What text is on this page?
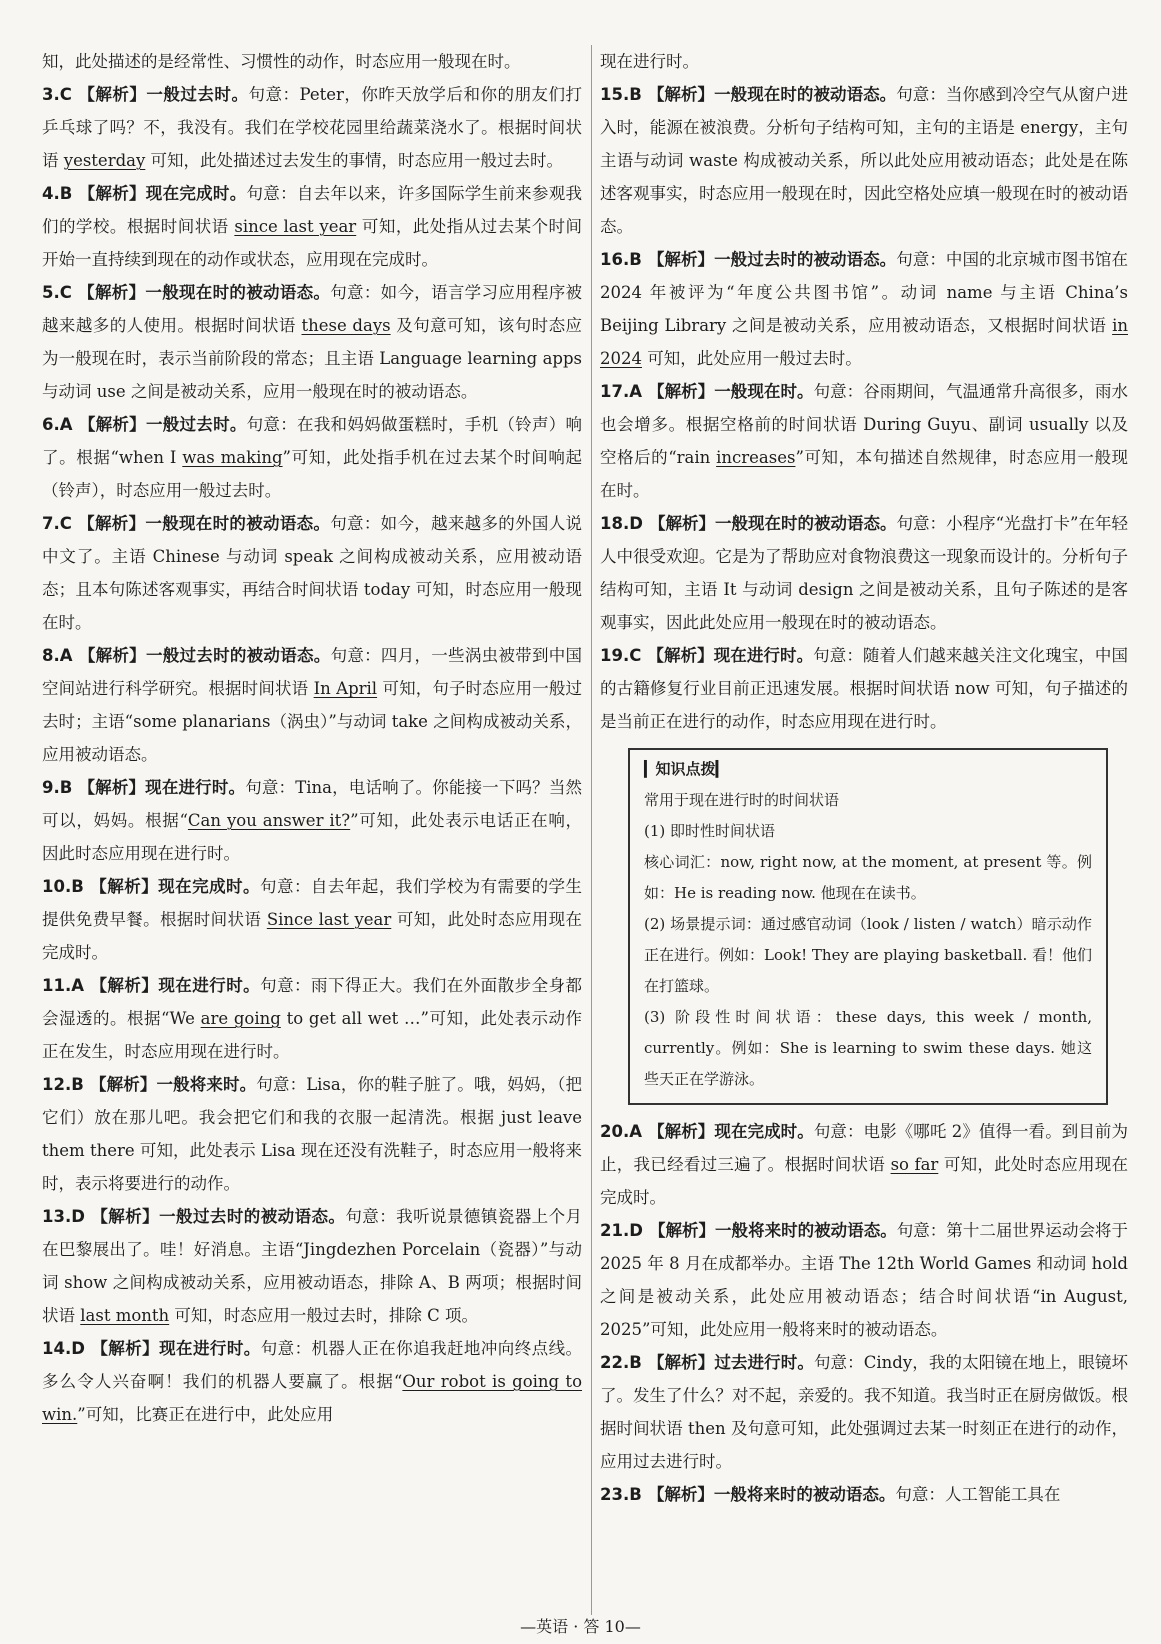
知，此处描述的是经常性、习惯性的动作，时态应用一般现在时。

3.C 【解析】一般过去时。句意：Peter，你昨天放学后和你的朋友们打乒乓球了吗？不，我没有。我们在学校花园里给蔬菜浇水了。根据时间状语 yesterday 可知，此处描述过去发生的事情，时态应用一般过去时。

4.B 【解析】现在完成时。句意：自去年以来，许多国际学生前来参观我们的学校。根据时间状语 since last year 可知，此处指从过去某个时间开始一直持续到现在的动作或状态，应用现在完成时。

5.C 【解析】一般现在时的被动语态。句意：如今，语言学习应用程序被越来越多的人使用。根据时间状语 these days 及句意可知，该句时态应为一般现在时，表示当前阶段的常态；且主语 Language learning apps 与动词 use 之间是被动关系，应用一般现在时的被动语态。

6.A 【解析】一般过去时。句意：在我和妈妈做蛋糕时，手机（铃声）响了。根据“when I was making”可知，此处指手机在过去某个时间响起（铃声），时态应用一般过去时。

7.C 【解析】一般现在时的被动语态。句意：如今，越来越多的外国人说中文了。主语 Chinese 与动词 speak 之间构成被动关系，应用被动语态；且本句陈述客观事实，再结合时间状语 today 可知，时态应用一般现在时。

8.A 【解析】一般过去时的被动语态。句意：四月，一些涡虫被带到中国空间站进行科学研究。根据时间状语 In April 可知，句子时态应用一般过去时；主语“some planarians（涡虫）”与动词 take 之间构成被动关系，应用被动语态。

9.B 【解析】现在进行时。句意：Tina，电话响了。你能接一下吗？当然可以，妈妈。根据“Can you answer it?”可知，此处表示电话正在响，因此时态应用现在进行时。

10.B 【解析】现在完成时。句意：自去年起，我们学校为有需要的学生提供免费早餐。根据时间状语 Since last year 可知，此处时态应用现在完成时。

11.A 【解析】现在进行时。句意：雨下得正大。我们在外面散步全身都会湿透的。根据“We are going to get all wet …”可知，此处表示动作正在发生，时态应用现在进行时。

12.B 【解析】一般将来时。句意：Lisa，你的鞋子脏了。哦，妈妈，（把它们）放在那儿吧。我会把它们和我的衣服一起清洗。根据 just leave them there 可知，此处表示 Lisa 现在还没有洗鞋子，时态应用一般将来时，表示将要进行的动作。

13.D 【解析】一般过去时的被动语态。句意：我听说景德镇瓷器上个月在巴黎展出了。哇！好消息。主语“Jingdezhen Porcelain（瓷器）”与动词 show 之间构成被动关系，应用被动语态，排除 A、B 两项；根据时间状语 last month 可知，时态应用一般过去时，排除 C 项。

14.D 【解析】现在进行时。句意：机器人正在你追我赶地冲向终点线。多么令人兴奋啊！我们的机器人要赢了。根据“Our robot is going to win.”可知，比赛正在进行中，此处应用

现在进行时。

15.B 【解析】一般现在时的被动语态。句意：当你感到冷空气从窗户进入时，能源在被浪费。分析句子结构可知，主句的主语是 energy，主句主语与动词 waste 构成被动关系，所以此处应用被动语态；此处是在陈述客观事实，时态应用一般现在时，因此空格处应填一般现在时的被动语态。

16.B 【解析】一般过去时的被动语态。句意：中国的北京城市图书馆在 2024 年被评为“年度公共图书馆”。动词 name 与主语 China’s Beijing Library 之间是被动关系，应用被动语态，又根据时间状语 in 2024 可知，此处应用一般过去时。

17.A 【解析】一般现在时。句意：谷雨期间，气温通常升高很多，雨水也会增多。根据空格前的时间状语 During Guyu、副词 usually 以及空格后的“rain increases”可知，本句描述自然规律，时态应用一般现在时。

18.D 【解析】一般现在时的被动语态。句意：小程序“光盘打卡”在年轻人中很受欢迎。它是为了帮助应对食物浪费这一现象而设计的。分析句子结构可知，主语 It 与动词 design 之间是被动关系，且句子陈述的是客观事实，因此此处应用一般现在时的被动语态。

19.C 【解析】现在进行时。句意：随着人们越来越关注文化瑰宝，中国的古籍修复行业目前正迅速发展。根据时间状语 now 可知，句子描述的是当前正在进行的动作，时态应用现在进行时。

▎知识点拨▎

常用于现在进行时的时间状语

(1) 即时性时间状语

核心词汇：now, right now, at the moment, at present 等。例如：He is reading now. 他现在在读书。

(2) 场景提示词：通过感官动词（look / listen / watch）暗示动作正在进行。例如：Look! They are playing basketball. 看！他们在打篮球。

(3) 阶段性时间状语：these days, this week / month, currently。例如：She is learning to swim these days. 她这些天正在学游泳。

20.A 【解析】现在完成时。句意：电影《哪吒 2》值得一看。到目前为止，我已经看过三遍了。根据时间状语 so far 可知，此处时态应用现在完成时。

21.D 【解析】一般将来时的被动语态。句意：第十二届世界运动会将于 2025 年 8 月在成都举办。主语 The 12th World Games 和动词 hold 之间是被动关系，此处应用被动语态；结合时间状语“in August, 2025”可知，此处应用一般将来时的被动语态。

22.B 【解析】过去进行时。句意：Cindy，我的太阳镜在地上，眼镜坏了。发生了什么？对不起，亲爱的。我不知道。我当时正在厨房做饭。根据时间状语 then 及句意可知，此处强调过去某一时刻正在进行的动作，应用过去进行时。

23.B 【解析】一般将来时的被动语态。句意：人工智能工具在

—英语 · 答 10—
